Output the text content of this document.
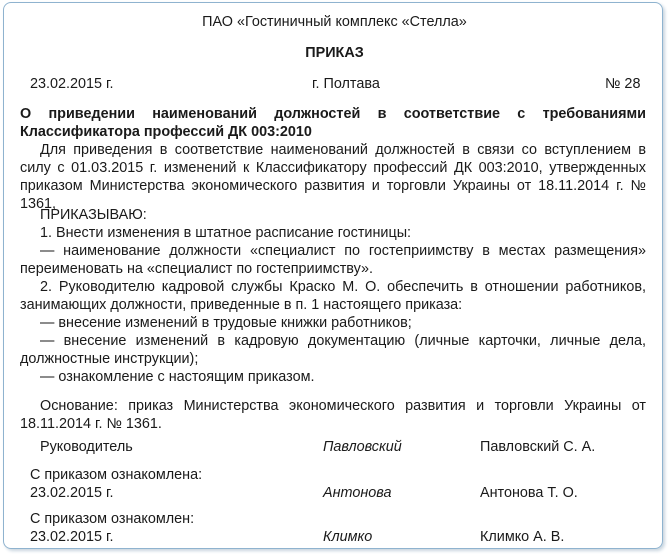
ПАО «Гостиничный комплекс «Стелла»
ПРИКАЗ
23.02.2015 г.	г. Полтава	№ 28
О приведении наименований должностей в соответствие с требованиями Классификатора профессий ДК 003:2010
Для приведения в соответствие наименований должностей в связи со вступлением в силу с 01.03.2015 г. изменений к Классификатору профессий ДК 003:2010, утвержденных приказом Министерства экономического развития и торговли Украины от 18.11.2014 г. № 1361,
ПРИКАЗЫВАЮ:
1. Внести изменения в штатное расписание гостиницы:
— наименование должности «специалист по гостеприимству в местах размещения» переименовать на «специалист по гостеприимству».
2. Руководителю кадровой службы Краско М. О. обеспечить в отношении работников, занимающих должности, приведенные в п. 1 настоящего приказа:
— внесение изменений в трудовые книжки работников;
— внесение изменений в кадровую документацию (личные карточки, личные дела, должностные инструкции);
— ознакомление с настоящим приказом.
Основание: приказ Министерства экономического развития и торговли Украины от 18.11.2014 г. № 1361.
Руководитель	Павловский	Павловский С. А.
С приказом ознакомлена:
23.02.2015 г.	Антонова	Антонова Т. О.
С приказом ознакомлен:
23.02.2015 г.	Климко	Климко А. В.
